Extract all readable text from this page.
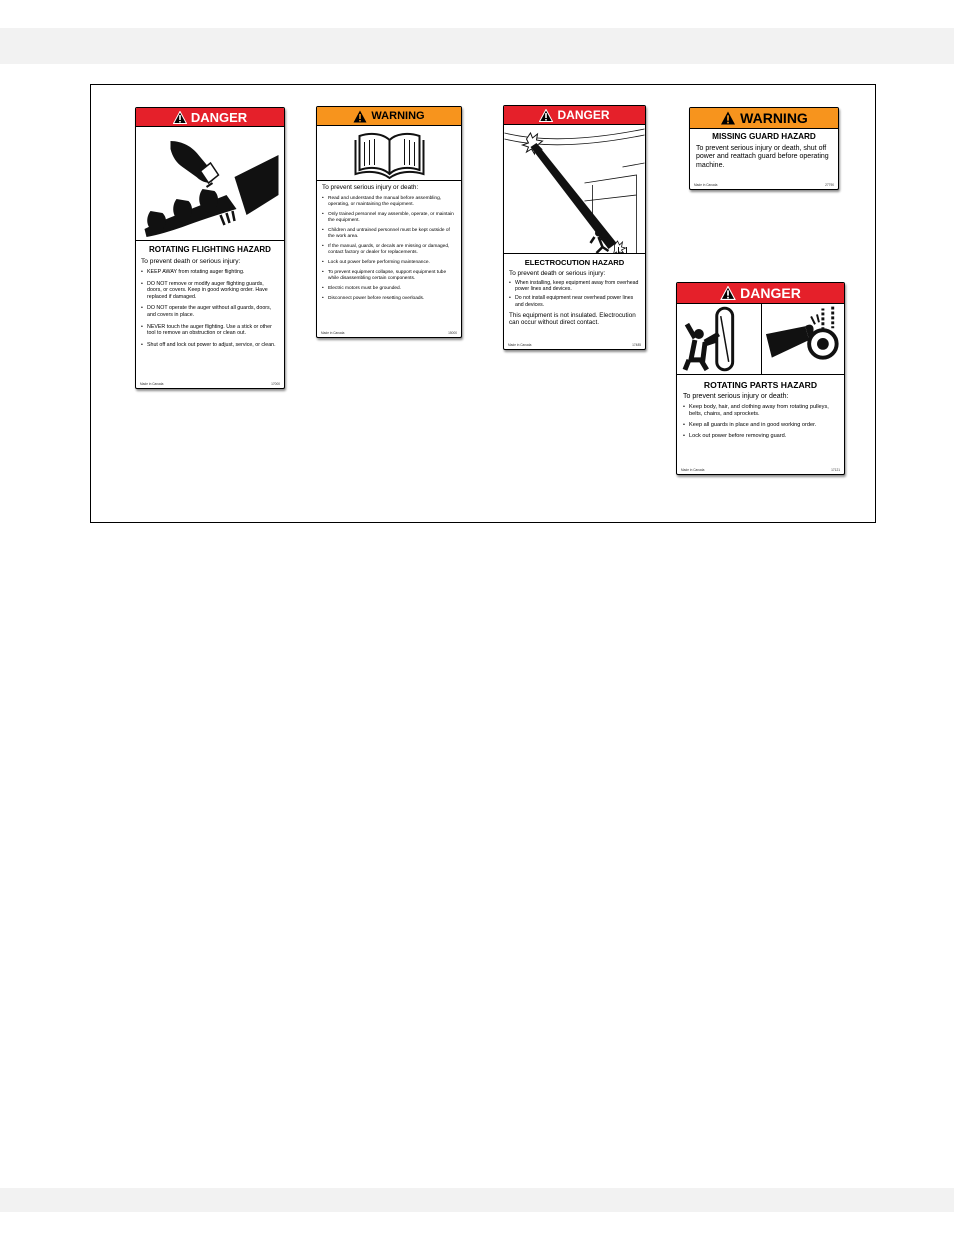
DANGER
ROTATING FLIGHTING HAZARD
To prevent death or serious injury:
• KEEP AWAY from rotating auger flighting.
• DO NOT remove or modify auger flighting guards, doors, or covers. Keep in good working order. Have replaced if damaged.
• DO NOT operate the auger without all guards, doors, and covers in place.
• NEVER touch the auger flighting. Use a stick or other tool to remove an obstruction or clean out.
• Shut off and lock out power to adjust, service, or clean.
Made in Canada	17000
WARNING
To prevent serious injury or death:
• Read and understand the manual before assembling, operating, or maintaining the equipment.
• Only trained personnel may assemble, operate, or maintain the equipment.
• Children and untrained personnel must be kept outside of the work area.
• If the manual, guards, or decals are missing or damaged, contact factory or dealer for replacements.
• Lock out power before performing maintenance.
• To prevent equipment collapse, support equipment tube while disassembling certain components.
• Electric motors must be grounded.
• Disconnect power before resetting overloads.
Made in Canada	15000
DANGER
ELECTROCUTION HAZARD
To prevent death or serious injury:
• When installing, keep equipment away from overhead power lines and devices.
• Do not install equipment near overhead power lines and devices.
This equipment is not insulated. Electrocution can occur without direct contact.
Made in Canada	17485
WARNING
MISSING GUARD HAZARD
To prevent serious injury or death, shut off power and reattach guard before operating machine.
Made in Canada	27790
DANGER
ROTATING PARTS HAZARD
To prevent serious injury or death:
• Keep body, hair, and clothing away from rotating pulleys, belts, chains, and sprockets.
• Keep all guards in place and in good working order.
• Lock out power before removing guard.
Made in Canada	17121
